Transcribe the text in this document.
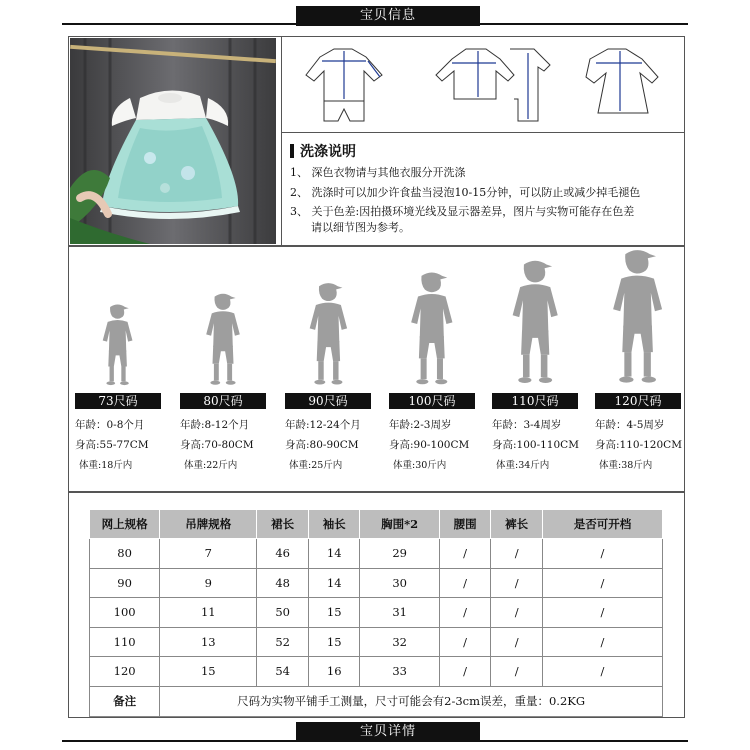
宝贝信息
洗涤说明
1、 深色衣物请与其他衣服分开洗涤
2、 洗涤时可以加少许食盐当浸泡10-15分钟，可以防止或减少掉毛褪色
3、 关于色差:因拍摄环境光线及显示器差异，图片与实物可能存在色差
请以细节图为参考。
73尺码
年龄：0-8个月
身高:55-77CM
体重:18斤内
80尺码
年龄:8-12个月
身高:70-80CM
体重:22斤内
90尺码
年龄:12-24个月
身高:80-90CM
体重:25斤内
100尺码
年龄:2-3周岁
身高:90-100CM
体重:30斤内
110尺码
年龄：3-4周岁
身高:100-110CM
体重:34斤内
120尺码
年龄：4-5周岁
身高:110-120CM
体重:38斤内
网上规格	吊牌规格	裙长	袖长	胸围*2	腰围	裤长	是否可开档
80	7	46	14	29	/	/	/
90	9	48	14	30	/	/	/
100	11	50	15	31	/	/	/
110	13	52	15	32	/	/	/
120	15	54	16	33	/	/	/
备注	尺码为实物平铺手工测量，尺寸可能会有2-3cm误差，重量：0.2KG						
宝贝详情
